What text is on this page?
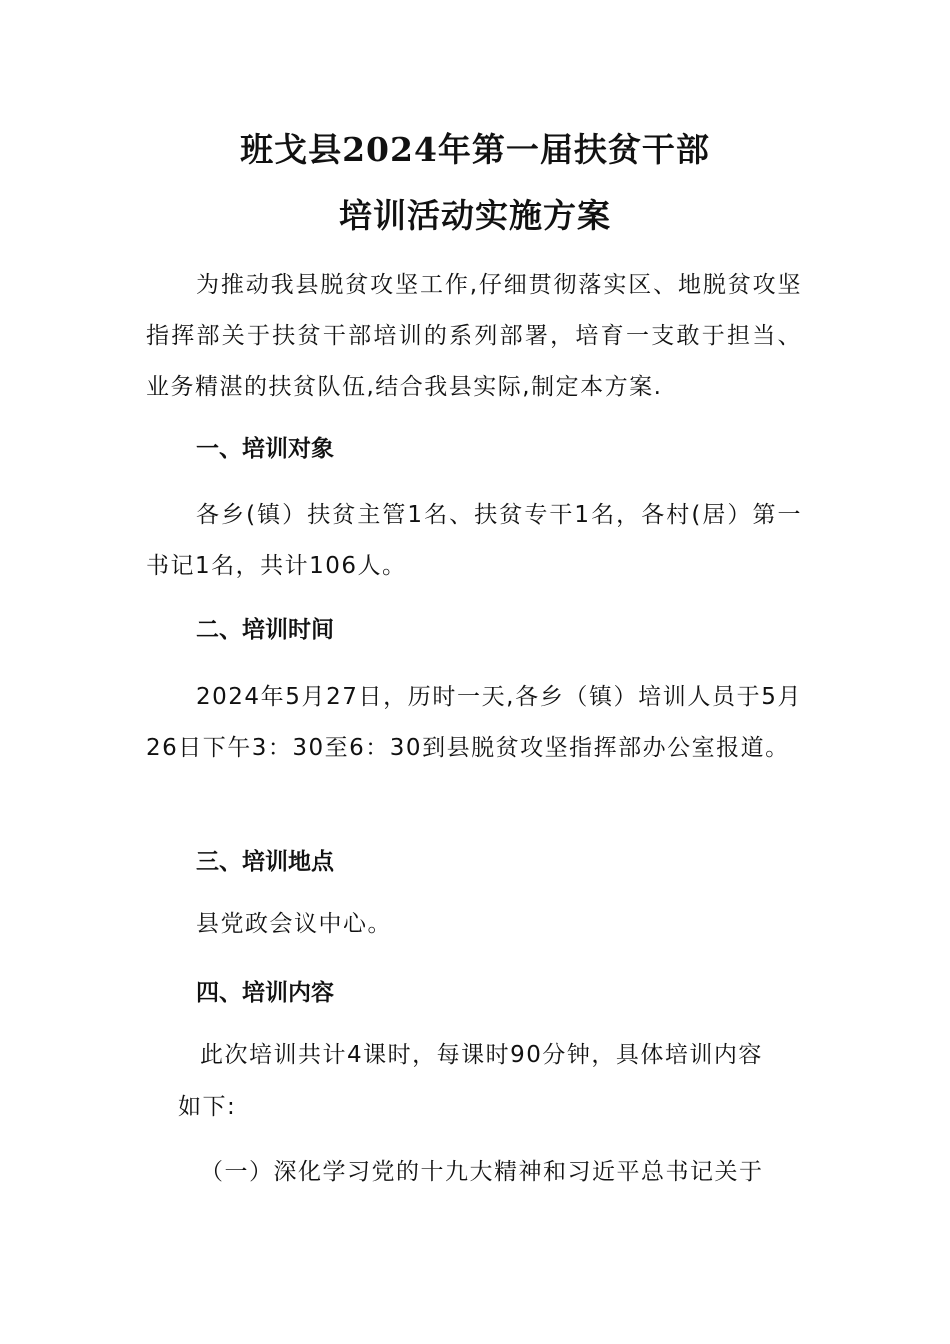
班戈县2024年第一届扶贫干部
培训活动实施方案

为推动我县脱贫攻坚工作,仔细贯彻落实区、地脱贫攻坚指挥部关于扶贫干部培训的系列部署，培育一支敢于担当、业务精湛的扶贫队伍,结合我县实际,制定本方案.

一、培训对象

各乡(镇）扶贫主管1名、扶贫专干1名，各村(居）第一书记1名，共计106人。

二、培训时间

2024年5月27日，历时一天,各乡（镇）培训人员于5月26日下午3：30至6：30到县脱贫攻坚指挥部办公室报道。

三、培训地点
县党政会议中心。
四、培训内容
此次培训共计4课时，每课时90分钟，具体培训内容
如下:
（一）深化学习党的十九大精神和习近平总书记关于
